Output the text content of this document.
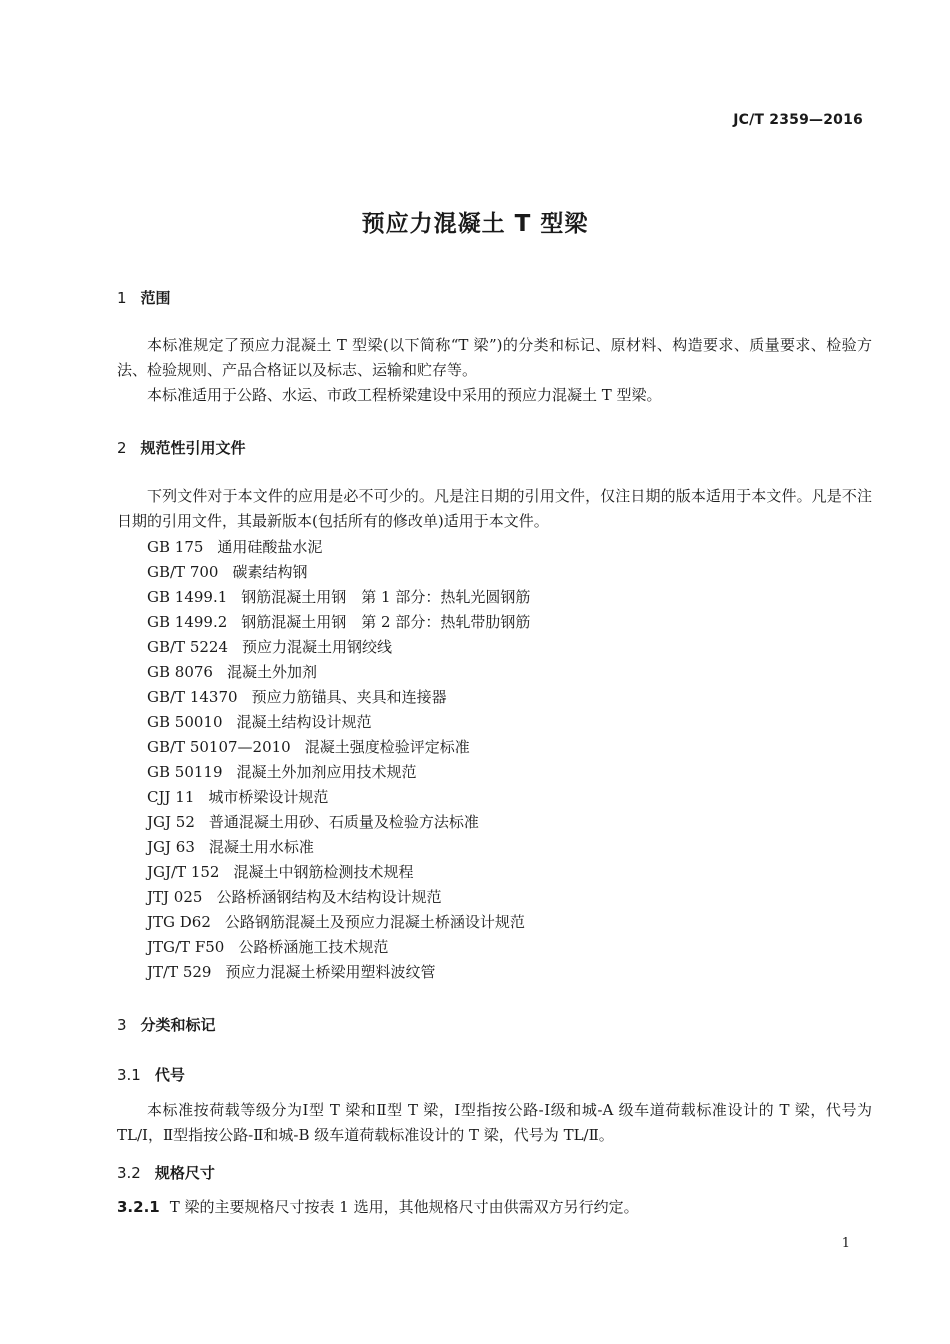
JC/T 2359—2016
预应力混凝土 T 型梁
1 范围
本标准规定了预应力混凝土 T 型梁(以下简称“T 梁”)的分类和标记、原材料、构造要求、质量要求、检验方法、检验规则、产品合格证以及标志、运输和贮存等。
本标准适用于公路、水运、市政工程桥梁建设中采用的预应力混凝土 T 型梁。
2 规范性引用文件
下列文件对于本文件的应用是必不可少的。凡是注日期的引用文件，仅注日期的版本适用于本文件。凡是不注日期的引用文件，其最新版本(包括所有的修改单)适用于本文件。
GB 175 通用硅酸盐水泥
GB/T 700 碳素结构钢
GB 1499.1 钢筋混凝土用钢　第 1 部分：热轧光圆钢筋
GB 1499.2 钢筋混凝土用钢　第 2 部分：热轧带肋钢筋
GB/T 5224 预应力混凝土用钢绞线
GB 8076 混凝土外加剂
GB/T 14370 预应力筋锚具、夹具和连接器
GB 50010 混凝土结构设计规范
GB/T 50107—2010 混凝土强度检验评定标准
GB 50119 混凝土外加剂应用技术规范
CJJ 11 城市桥梁设计规范
JGJ 52 普通混凝土用砂、石质量及检验方法标准
JGJ 63 混凝土用水标准
JGJ/T 152 混凝土中钢筋检测技术规程
JTJ 025 公路桥涵钢结构及木结构设计规范
JTG D62 公路钢筋混凝土及预应力混凝土桥涵设计规范
JTG/T F50 公路桥涵施工技术规范
JT/T 529 预应力混凝土桥梁用塑料波纹管
3 分类和标记
3.1 代号
本标准按荷载等级分为Ⅰ型 T 梁和Ⅱ型 T 梁，Ⅰ型指按公路-Ⅰ级和城-A 级车道荷载标准设计的 T 梁，代号为 TL/Ⅰ，Ⅱ型指按公路-Ⅱ和城-B 级车道荷载标准设计的 T 梁，代号为 TL/Ⅱ。
3.2 规格尺寸
3.2.1 T 梁的主要规格尺寸按表 1 选用，其他规格尺寸由供需双方另行约定。
1
